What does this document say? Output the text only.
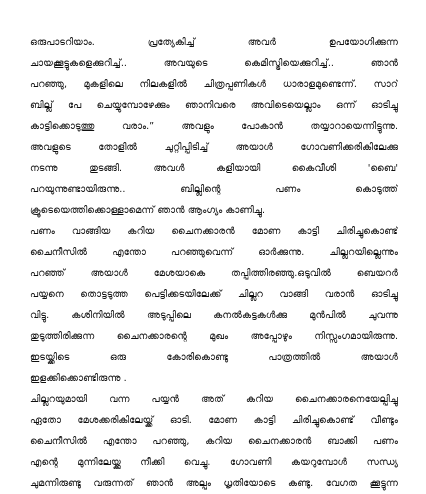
ഒരുപാടറിയാം. പ്രത്യേകിച്ച് അവർ ഉപയോഗിക്കുന്ന
ചായക്കൂട്ടുകളെക്കുറിച്ച്.. അവയുടെ കെമിസ്ട്രിയെക്കുറിച്ച്.. ഞാൻ
പറഞ്ഞു, മുകളിലെ നിലകളിൽ ചിത്രപ്പണികൾ ധാരാളമുണ്ടെന്ന്. സാറ്
ബില്ല് പേ ചെയ്യുമ്പോഴേക്കും ഞാനിവരെ അവിടെയെല്ലാം ഒന്ന് ഓടിച്ചു
കാട്ടിക്കൊടുത്തു വരാം.” അവളും പോകാൻ തയ്യാറായെന്നിട്ടുന്നു.
അവളുടെ തോളിൽ ചുറ്റിപ്പിടിച്ച് അയാൾ ഗോവണിക്കരികിലേക്കു
നടന്നു തുടങ്ങി. അവൾ കളിയായി കൈവീശി 'ബൈ'
പറയുന്നുണ്ടായിരുന്നു.. ബില്ലിന്റെ പണം കൊടുത്ത്
ക്രൂടെയെത്തിക്കൊള്ളാമെന്ന് ഞാൻ ആംഗ്യം കാണിച്ചു.
പണം വാങ്ങിയ കറിയ ചൈനക്കാരൻ മോണ കാട്ടി ചിരിച്ചുകൊണ്ട്
ചൈനീസിൽ എന്തോ പറഞ്ഞുവെന്ന് ഓർക്കുന്നു. ചില്ലറയില്ലെന്നും
പറഞ്ഞ് അയാൾ മേശയാകെ തപ്പിത്തിരഞ്ഞു.ഒടുവിൽ ബെയറർ
പയ്യനെ തൊട്ടടുത്ത പെട്ടിക്കടയിലേക്ക് ചില്ലറ വാങ്ങി വരാൻ ഓടിച്ചു
വിട്ടു. കശിനിയിൽ അടുപ്പിലെ കനൽകട്ടകൾക്കു മുൻപിൽ ചുവന്നു
തുടുത്തിരിക്കുന്ന ചൈനക്കാരന്റെ മുഖം അപ്പോഴും നിസ്സംഗമായിരുന്നു.
ഇടയ്ക്കിടെ ഒരു കോരികൊണ്ടു പാത്രത്തിൽ അയാൾ
ഇളക്കിക്കൊണ്ടിരുന്നു .
ചില്ലറയുമായി വന്ന പയ്യൻ അത് കറിയ ചൈനക്കാരനെയേല്പിച്ചു
ഏതോ മേശക്കരികിലേയ്ക്ക് ഓടി. മോണ കാട്ടി ചിരിച്ചുകൊണ്ട് വീണ്ടും
ചൈനീസിൽ എന്തോ പറഞ്ഞു, കറിയ ചൈനക്കാരൻ ബാക്കി പണം
എന്റെ മുന്നിലേയ്ക്കു നീക്കി വെച്ചു. ഗോവണി കയറുമ്പോൾ സന്ധ്യ
ചുമന്നിരുണ്ടു വരുന്നത് ഞാൻ അല്പം ധൃതിയോടെ കണ്ടു. വേഗത ക്കൂട്ടുന്ന
